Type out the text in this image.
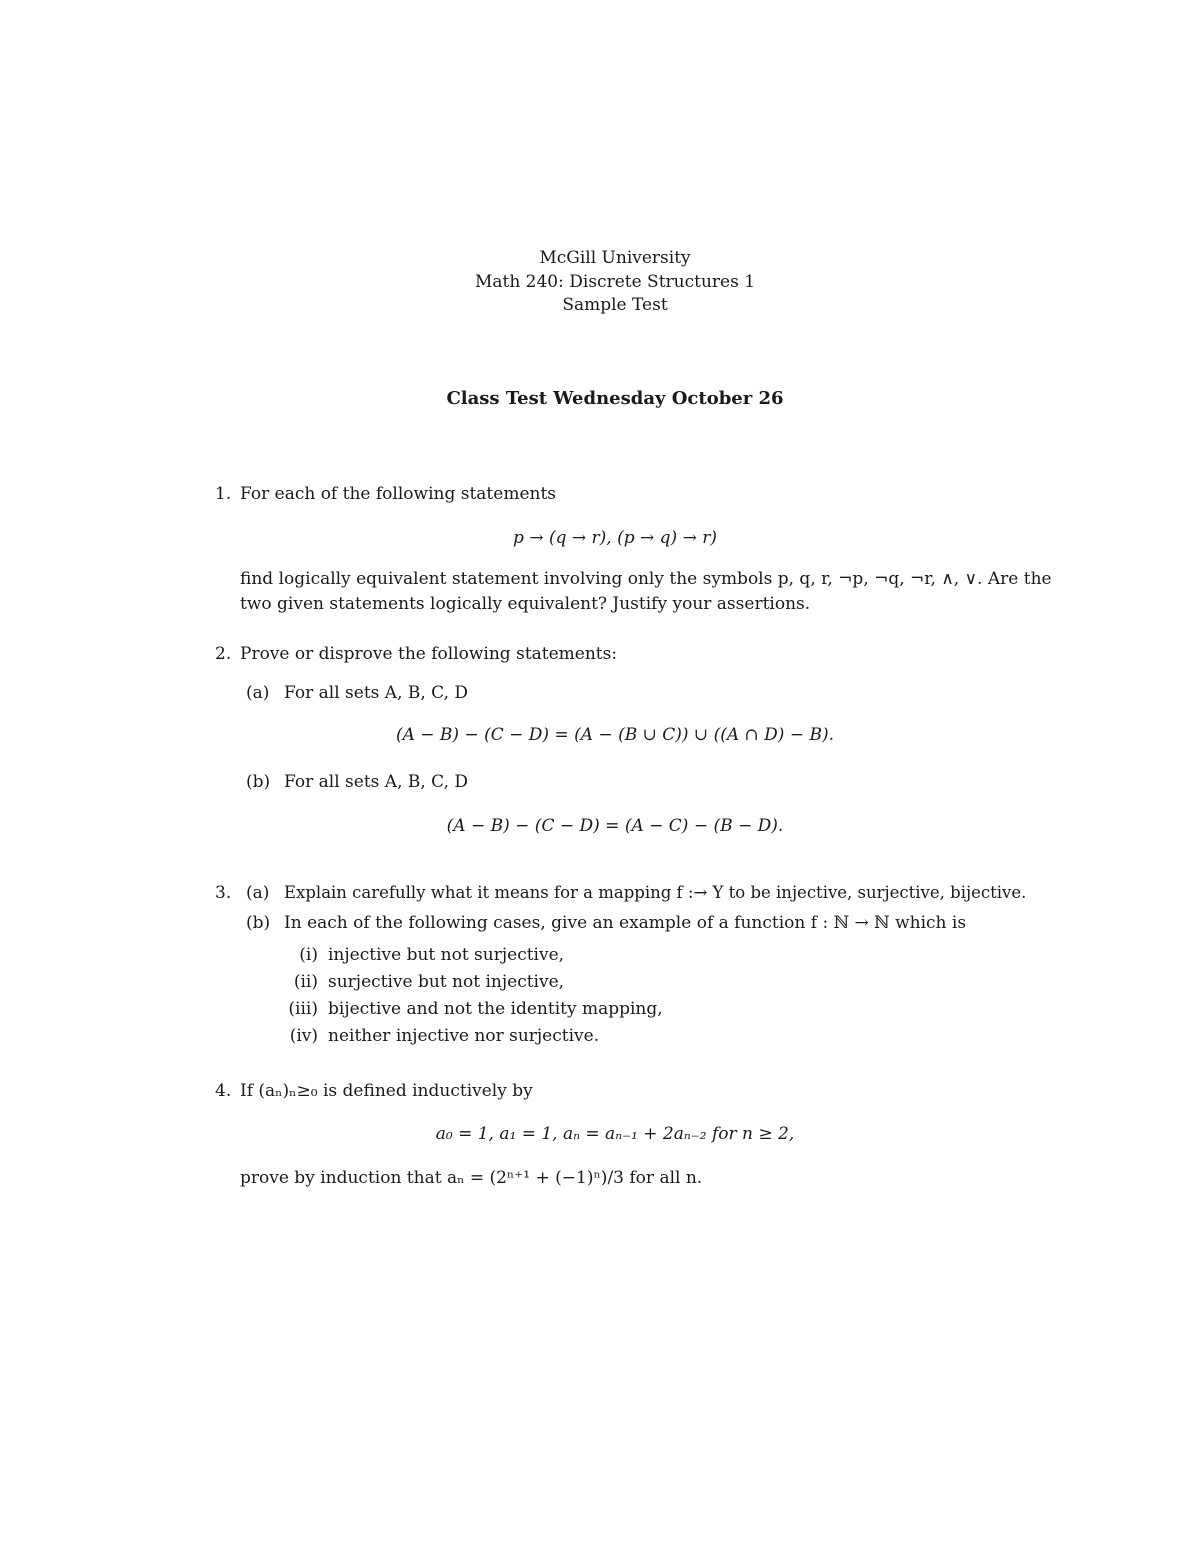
McGill University
Math 240: Discrete Structures 1
Sample Test
Class Test Wednesday October 26
1. For each of the following statements
p → (q → r), (p → q) → r)
find logically equivalent statement involving only the symbols p, q, r, ¬p, ¬q, ¬r, ∧, ∨. Are the
two given statements logically equivalent? Justify your assertions.
2. Prove or disprove the following statements:
(a) For all sets A, B, C, D
(A − B) − (C − D) = (A − (B ∪ C)) ∪ ((A ∩ D) − B).
(b) For all sets A, B, C, D
(A − B) − (C − D) = (A − C) − (B − D).
3. (a) Explain carefully what it means for a mapping f :→ Y to be injective, surjective, bijective.
(b) In each of the following cases, give an example of a function f : ℕ → ℕ which is
(i) injective but not surjective,
(ii) surjective but not injective,
(iii) bijective and not the identity mapping,
(iv) neither injective nor surjective.
4. If (aₙ)ₙ≥₀ is defined inductively by
a₀ = 1, a₁ = 1, aₙ = aₙ₋₁ + 2aₙ₋₂ for n ≥ 2,
prove by induction that aₙ = (2ⁿ⁺¹ + (−1)ⁿ)/3 for all n.
